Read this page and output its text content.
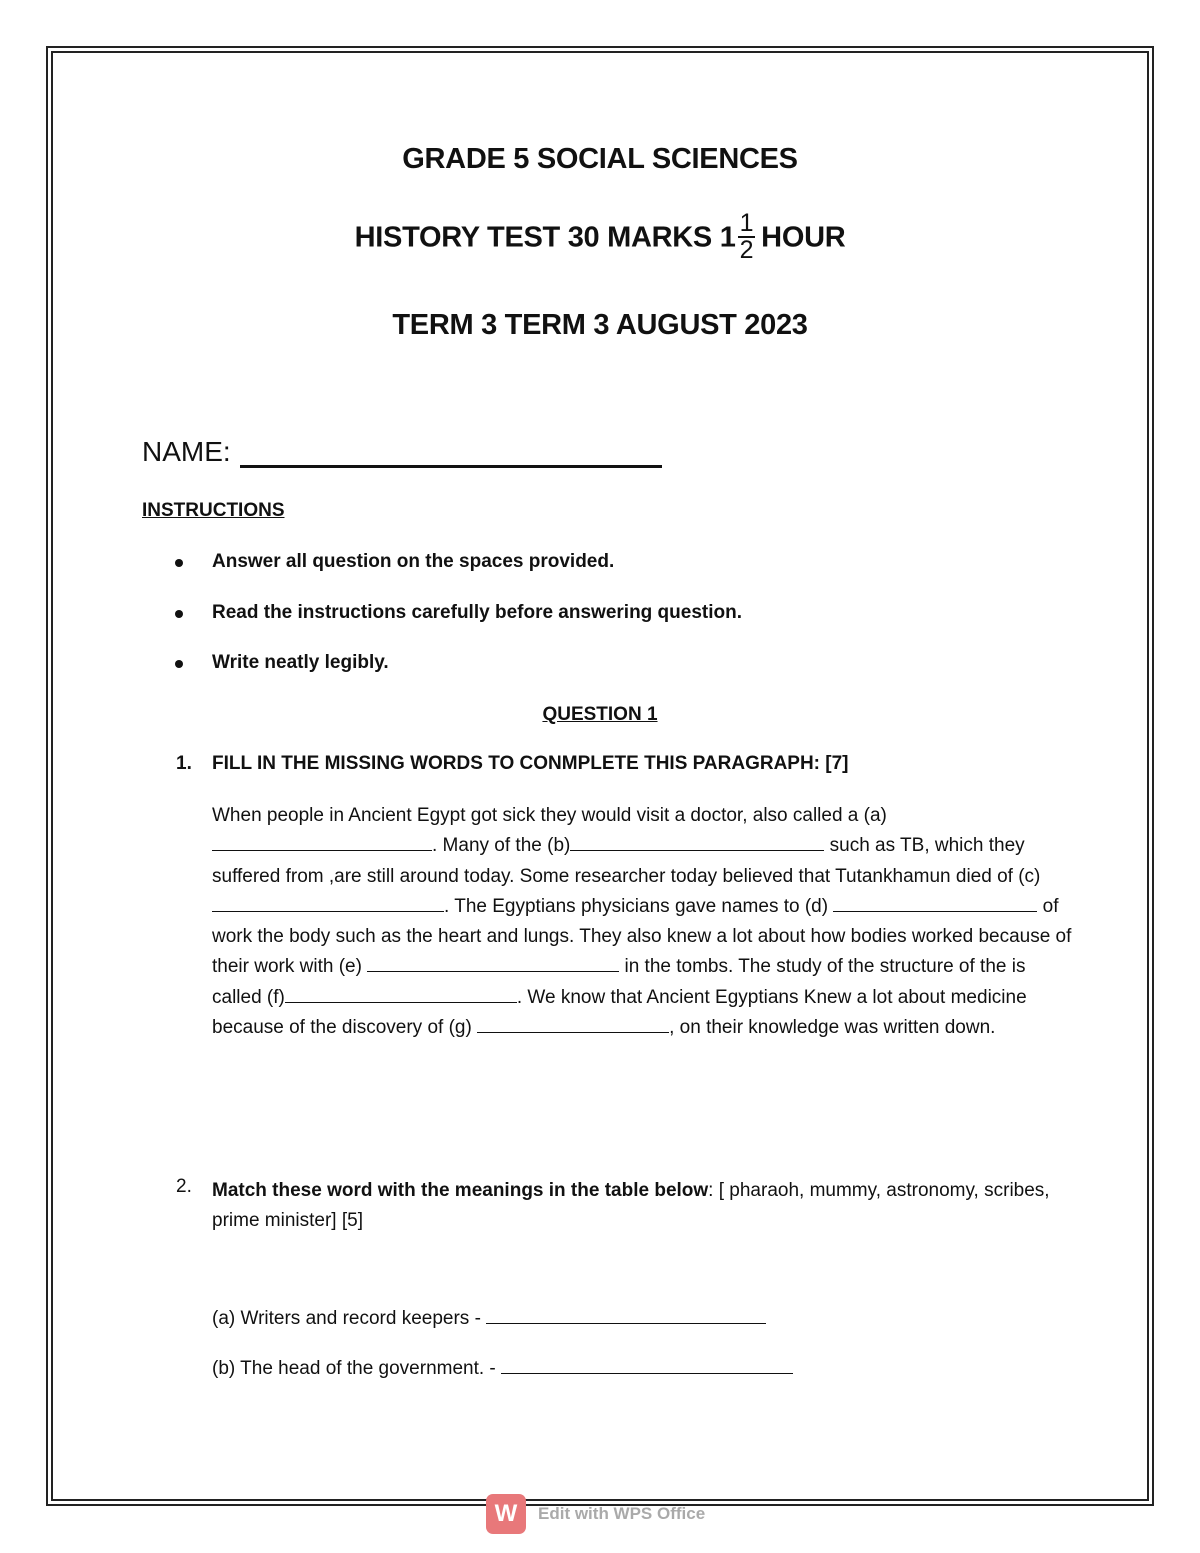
GRADE 5 SOCIAL SCIENCES
HISTORY TEST 30 MARKS $1 \frac{1}{2}$ HOUR
TERM 3 TERM 3 AUGUST 2023
NAME:
INSTRUCTIONS
Answer all question on the spaces provided.
Read the instructions carefully before answering question.
Write neatly legibly.
QUESTION 1
1. FILL IN THE MISSING WORDS TO CONMPLETE THIS PARAGRAPH: [7]
When people in Ancient Egypt got sick they would visit a doctor, also called a (a) . Many of the (b)	such as TB, which they suffered from ,are still around today. Some researcher today believed that Tutankhamun died of (c) . The Egyptians physicians gave names to (d)	of work the body such as the heart and lungs. They also knew a lot about how bodies worked because of their work with (e)	in the tombs. The study of the structure of the is called (f)	. We know that Ancient Egyptians Knew a lot about medicine because of the discovery of (g)	, on their knowledge was written down.
2. Match these word with the meanings in the table below: [ pharaoh, mummy, astronomy, scribes, prime minister] [5]
(a) Writers and record keepers -
(b) The head of the government. -
W	Edit with WPS Office
